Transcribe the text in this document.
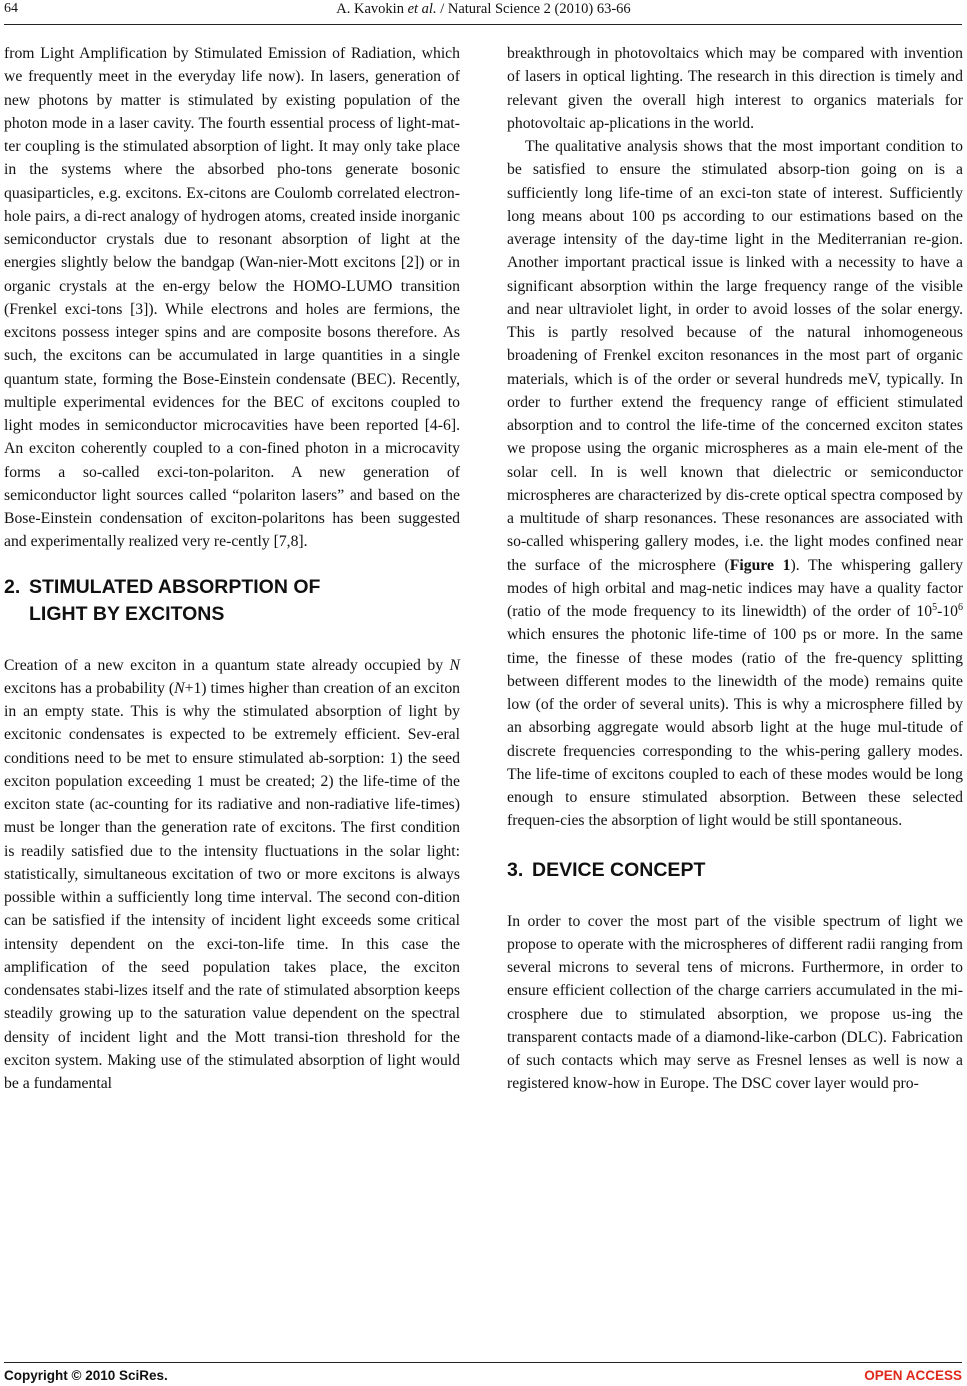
64	A. Kavokin et al. / Natural Science 2 (2010) 63-66

from Light Amplification by Stimulated Emission of Radiation, which we frequently meet in the everyday life now). In lasers, generation of new photons by matter is stimulated by existing population of the photon mode in a laser cavity. The fourth essential process of light-mat-ter coupling is the stimulated absorption of light. It may only take place in the systems where the absorbed pho-tons generate bosonic quasiparticles, e.g. excitons. Ex-citons are Coulomb correlated electron-hole pairs, a di-rect analogy of hydrogen atoms, created inside inorganic semiconductor crystals due to resonant absorption of light at the energies slightly below the bandgap (Wan-nier-Mott excitons [2]) or in organic crystals at the en-ergy below the HOMO-LUMO transition (Frenkel exci-tons [3]). While electrons and holes are fermions, the excitons possess integer spins and are composite bosons therefore. As such, the excitons can be accumulated in large quantities in a single quantum state, forming the Bose-Einstein condensate (BEC). Recently, multiple experimental evidences for the BEC of excitons coupled to light modes in semiconductor microcavities have been reported [4-6]. An exciton coherently coupled to a con-fined photon in a microcavity forms a so-called exci-ton-polariton. A new generation of semiconductor light sources called “polariton lasers” and based on the Bose-Einstein condensation of exciton-polaritons has been suggested and experimentally realized very re-cently [7,8].

2. STIMULATED ABSORPTION OF
LIGHT BY EXCITONS

Creation of a new exciton in a quantum state already occupied by N excitons has a probability (N+1) times higher than creation of an exciton in an empty state. This is why the stimulated absorption of light by excitonic condensates is expected to be extremely efficient. Sev-eral conditions need to be met to ensure stimulated ab-sorption: 1) the seed exciton population exceeding 1 must be created; 2) the life-time of the exciton state (ac-counting for its radiative and non-radiative life-times) must be longer than the generation rate of excitons. The first condition is readily satisfied due to the intensity fluctuations in the solar light: statistically, simultaneous excitation of two or more excitons is always possible within a sufficiently long time interval. The second con-dition can be satisfied if the intensity of incident light exceeds some critical intensity dependent on the exci-ton-life time. In this case the amplification of the seed population takes place, the exciton condensates stabi-lizes itself and the rate of stimulated absorption keeps steadily growing up to the saturation value dependent on the spectral density of incident light and the Mott transi-tion threshold for the exciton system. Making use of the stimulated absorption of light would be a fundamental

breakthrough in photovoltaics which may be compared with invention of lasers in optical lighting. The research in this direction is timely and relevant given the overall high interest to organics materials for photovoltaic ap-plications in the world.

The qualitative analysis shows that the most important condition to be satisfied to ensure the stimulated absorp-tion going on is a sufficiently long life-time of an exci-ton state of interest. Sufficiently long means about 100 ps according to our estimations based on the average intensity of the day-time light in the Mediterranian re-gion. Another important practical issue is linked with a necessity to have a significant absorption within the large frequency range of the visible and near ultraviolet light, in order to avoid losses of the solar energy. This is partly resolved because of the natural inhomogeneous broadening of Frenkel exciton resonances in the most part of organic materials, which is of the order or several hundreds meV, typically. In order to further extend the frequency range of efficient stimulated absorption and to control the life-time of the concerned exciton states we propose using the organic microspheres as a main ele-ment of the solar cell. In is well known that dielectric or semiconductor microspheres are characterized by dis-crete optical spectra composed by a multitude of sharp resonances. These resonances are associated with so-called whispering gallery modes, i.e. the light modes confined near the surface of the microsphere (Figure 1). The whispering gallery modes of high orbital and mag-netic indices may have a quality factor (ratio of the mode frequency to its linewidth) of the order of $10^5-10^6$ which ensures the photonic life-time of 100 ps or more. In the same time, the finesse of these modes (ratio of the fre-quency splitting between different modes to the linewidth of the mode) remains quite low (of the order of several units). This is why a microsphere filled by an absorbing aggregate would absorb light at the huge mul-titude of discrete frequencies corresponding to the whis-pering gallery modes. The life-time of excitons coupled to each of these modes would be long enough to ensure stimulated absorption. Between these selected frequen-cies the absorption of light would be still spontaneous.

3. DEVICE CONCEPT

In order to cover the most part of the visible spectrum of light we propose to operate with the microspheres of different radii ranging from several microns to several tens of microns. Furthermore, in order to ensure efficient collection of the charge carriers accumulated in the mi-crosphere due to stimulated absorption, we propose us-ing the transparent contacts made of a diamond-like-carbon (DLC). Fabrication of such contacts which may serve as Fresnel lenses as well is now a registered know-how in Europe. The DSC cover layer would pro-

Copyright © 2010 SciRes.	OPEN ACCESS
